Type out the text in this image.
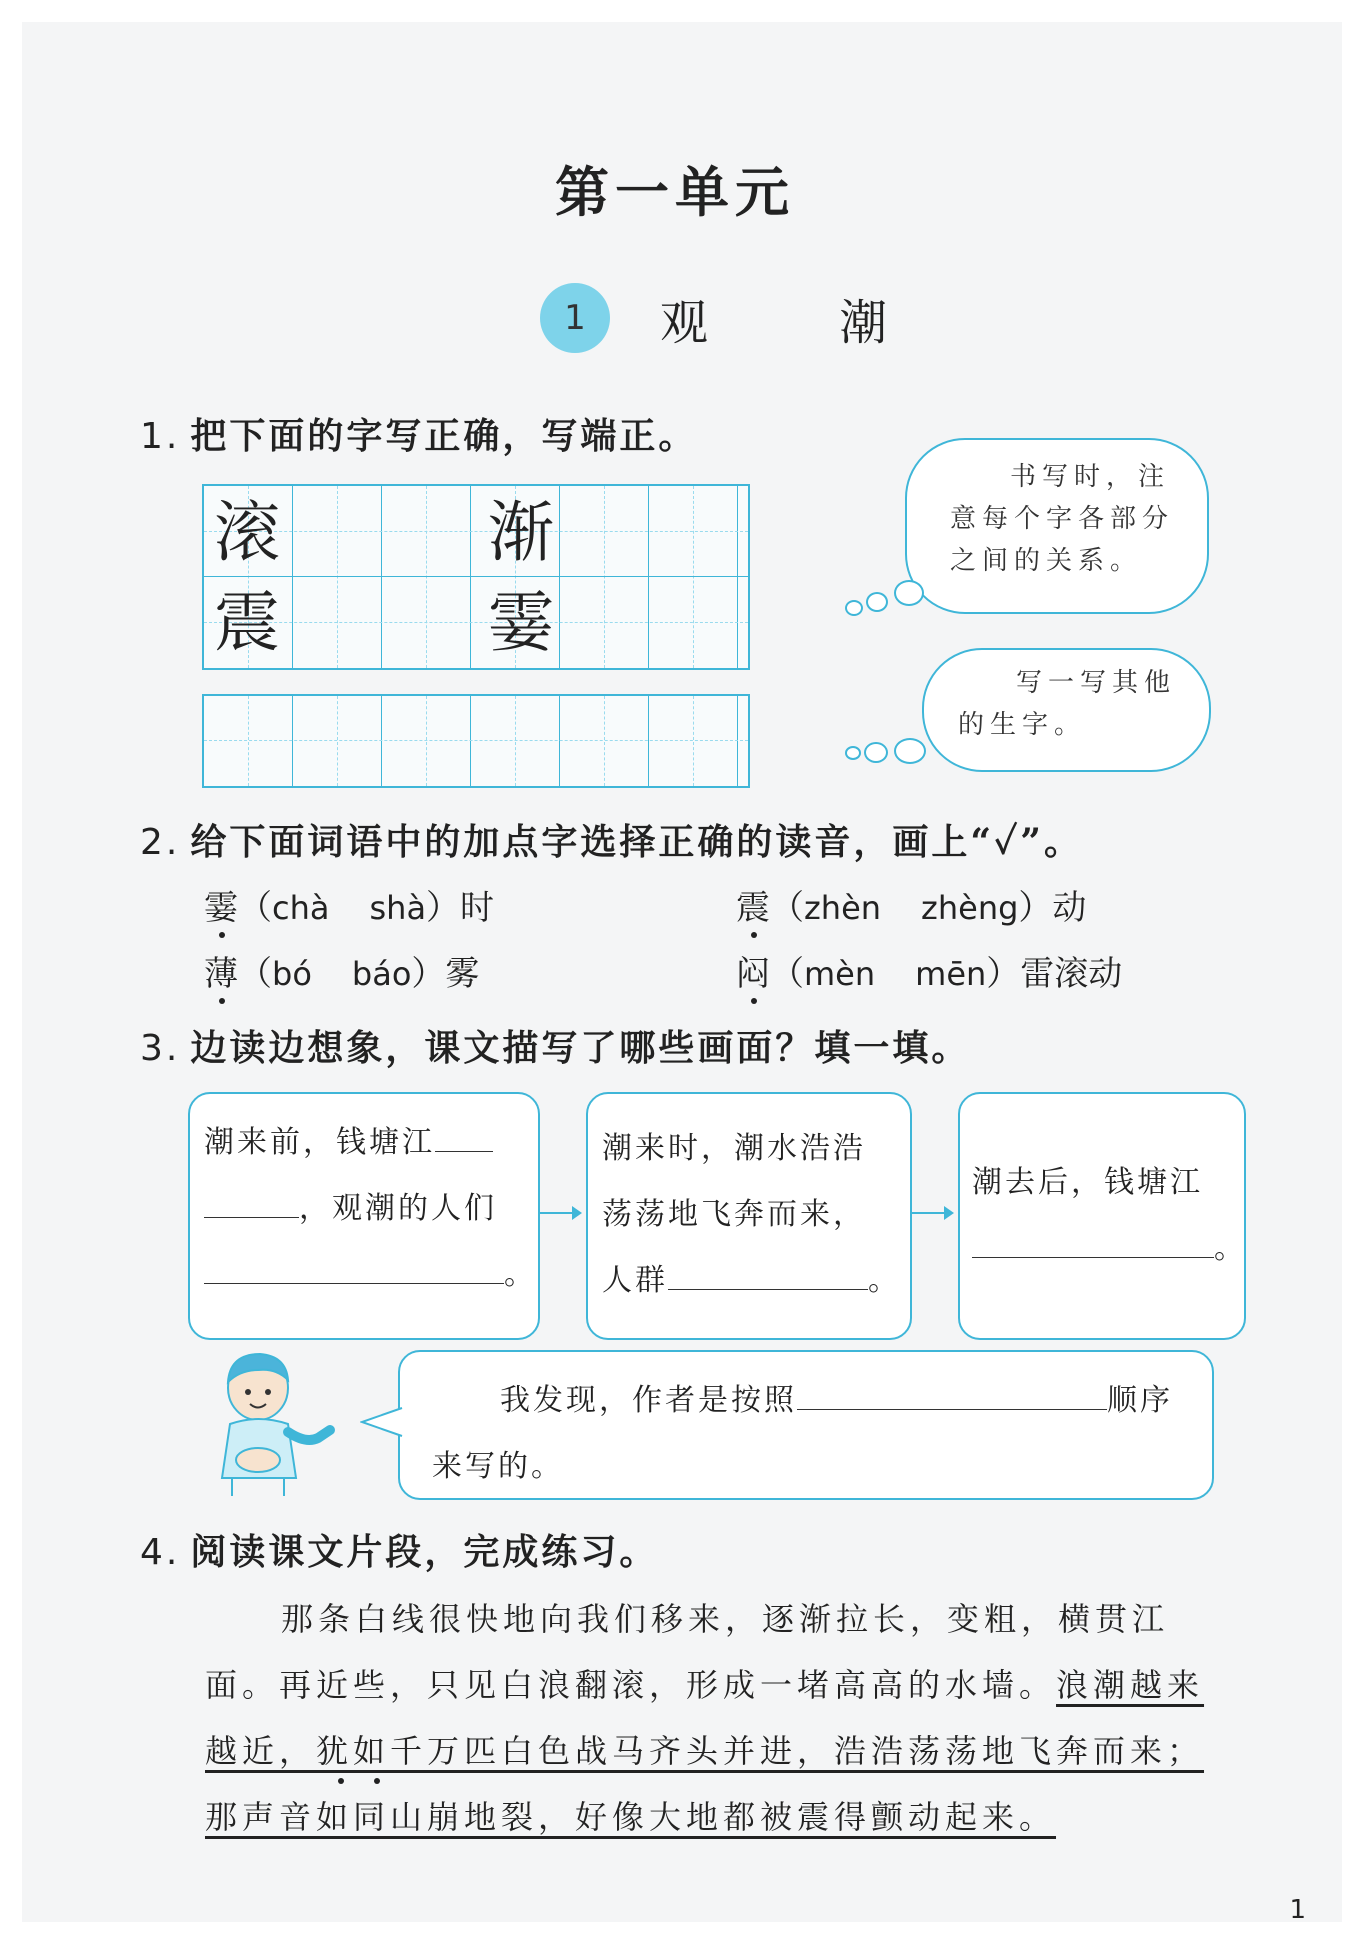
第一单元
1	观 潮
1. 把下面的字写正确，写端正。
滚	渐
震	霎
书写时，注
意每个字各部分
之间的关系。
写一写其他
的生字。
2. 给下面词语中的加点字选择正确的读音，画上“✓”。
霎（chà shà）时	震（zhèn zhèng）动
薄（bó báo）雾	闷（mèn mēn）雷滚动
3. 边读边想象，课文描写了哪些画面？填一填。
潮来前，钱塘江
，观潮的人们
。
潮来时，潮水浩浩
荡荡地飞奔而来，
人群	。
潮去后，钱塘江
。
我发现，作者是按照	顺序
来写的。
4. 阅读课文片段，完成练习。
那条白线很快地向我们移来，逐渐拉长，变粗，横贯江
面。再近些，只见白浪翻滚，形成一堵高高的水墙。浪潮越来
越近，犹如千万匹白色战马齐头并进，浩浩荡荡地飞奔而来；
那声音如同山崩地裂，好像大地都被震得颤动起来。
1
